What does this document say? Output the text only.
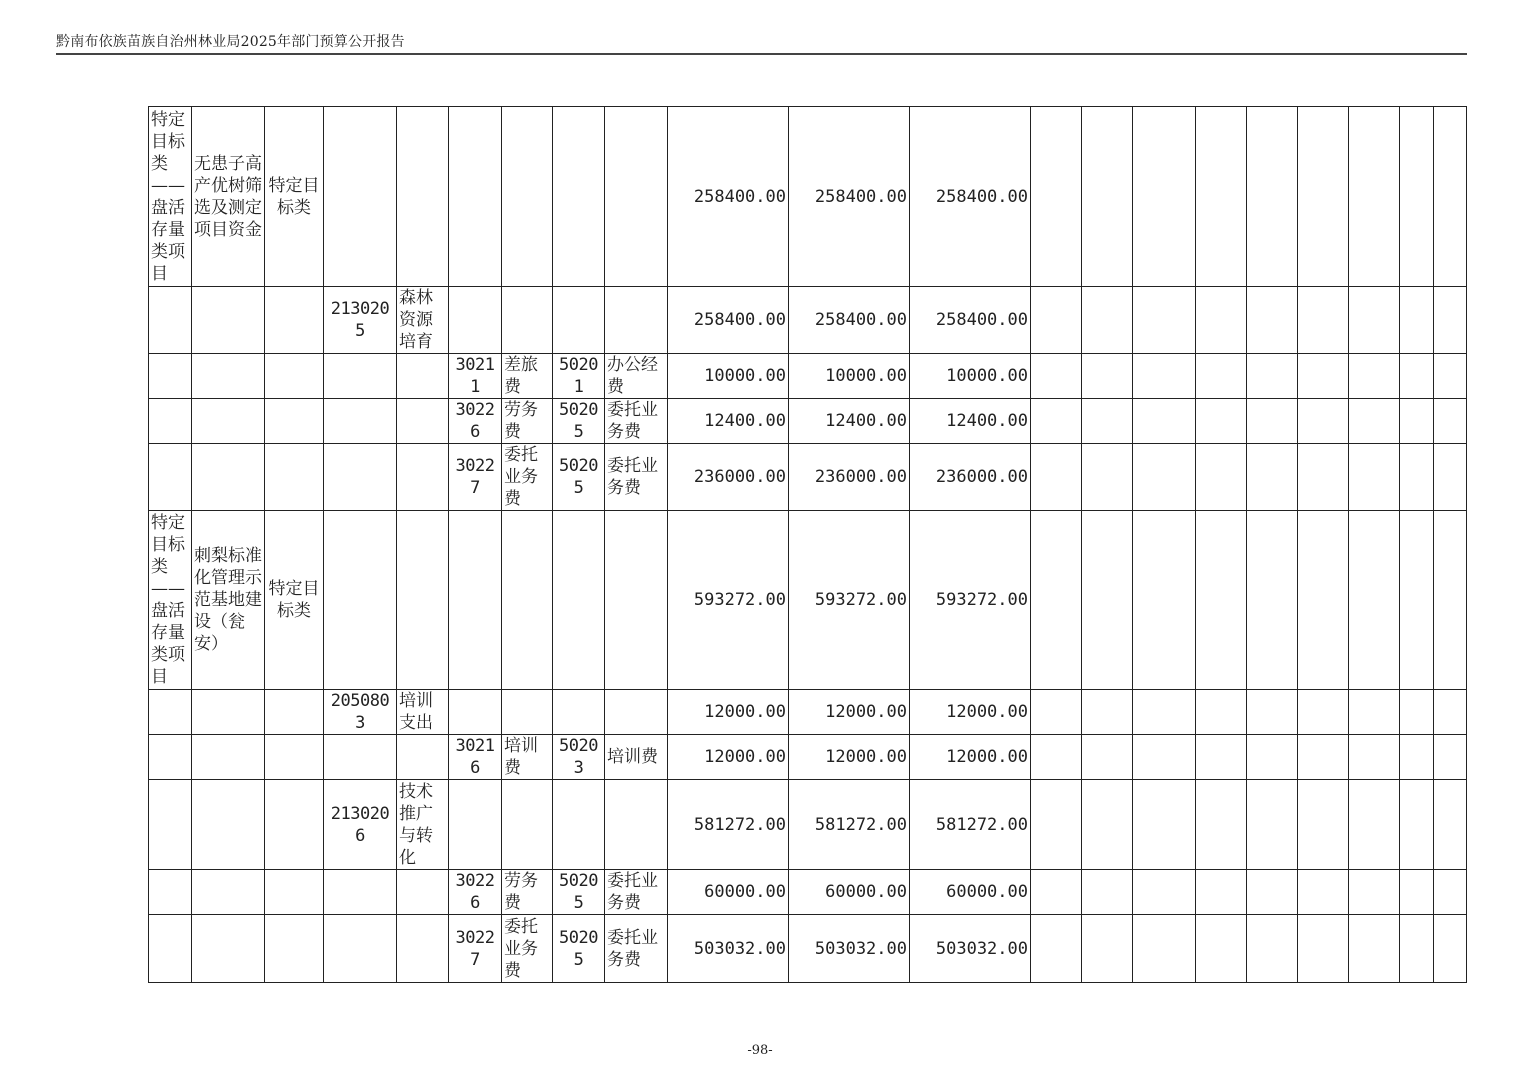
黔南布依族苗族自治州林业局2025年部门预算公开报告
特定目标类——盘活存量类项目	无患子高产优树筛选及测定项目资金	特定目标类							258400.00	258400.00	258400.00									
			2130205	森林资源培育					258400.00	258400.00	258400.00									
					30211	差旅费	50201	办公经费	10000.00	10000.00	10000.00									
					30226	劳务费	50205	委托业务费	12400.00	12400.00	12400.00									
					30227	委托业务费	50205	委托业务费	236000.00	236000.00	236000.00									
特定目标类——盘活存量类项目	刺梨标准化管理示范基地建设（瓮安）	特定目标类							593272.00	593272.00	593272.00									
			2050803	培训支出					12000.00	12000.00	12000.00									
					30216	培训费	50203	培训费	12000.00	12000.00	12000.00									
			2130206	技术推广与转化					581272.00	581272.00	581272.00									
					30226	劳务费	50205	委托业务费	60000.00	60000.00	60000.00									
					30227	委托业务费	50205	委托业务费	503032.00	503032.00	503032.00									
-98-
